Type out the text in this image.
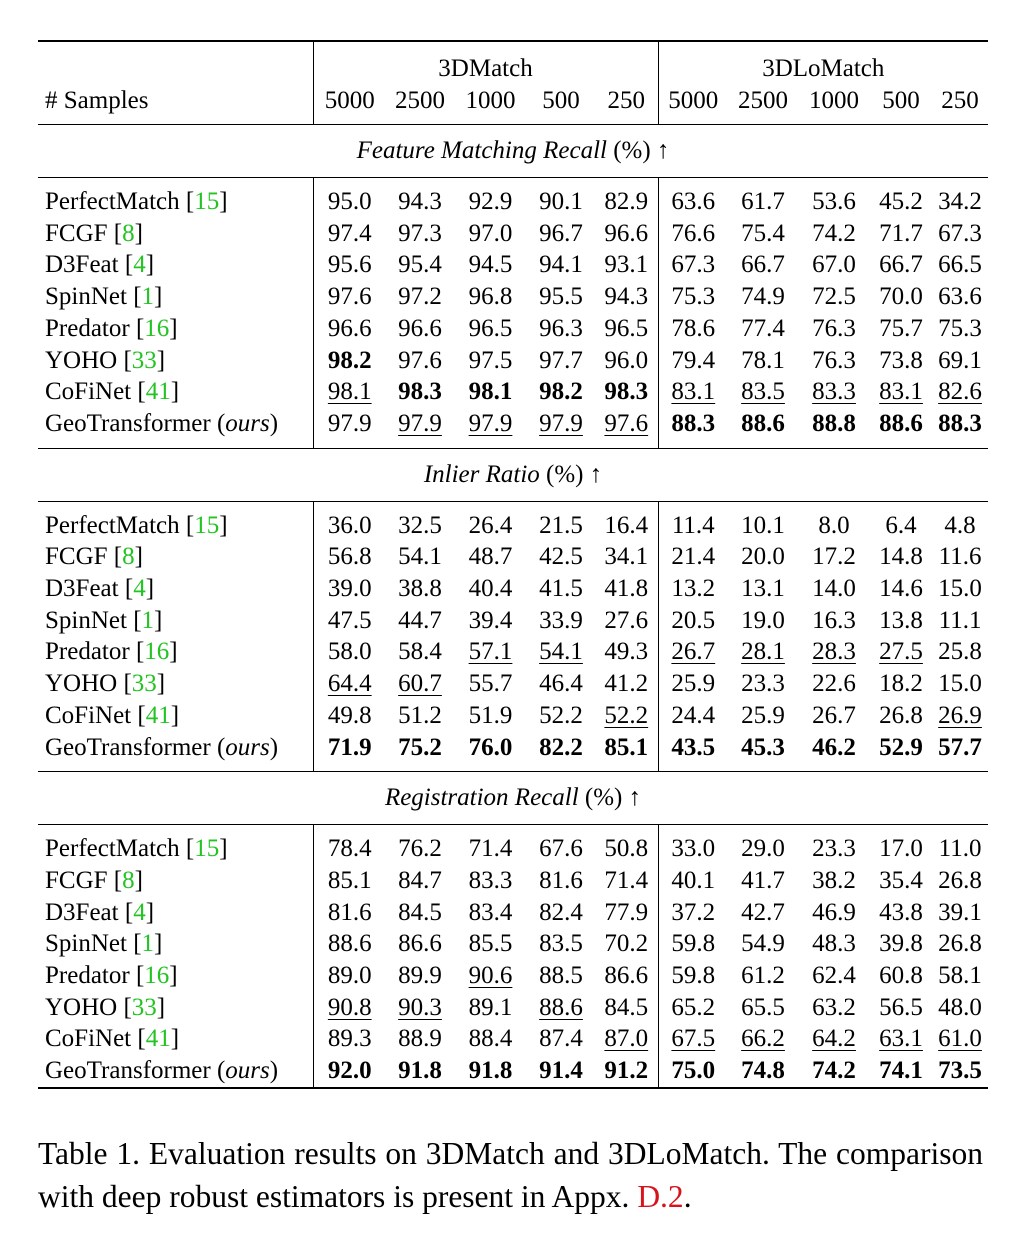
	3DMatch					3DLoMatch				
# Samples	5000	2500	1000	500	250	5000	2500	1000	500	250
Feature Matching Recall (%) ↑										

PerfectMatch [15]	95.0	94.3	92.9	90.1	82.9	63.6	61.7	53.6	45.2	34.2
FCGF [8]	97.4	97.3	97.0	96.7	96.6	76.6	75.4	74.2	71.7	67.3
D3Feat [4]	95.6	95.4	94.5	94.1	93.1	67.3	66.7	67.0	66.7	66.5
SpinNet [1]	97.6	97.2	96.8	95.5	94.3	75.3	74.9	72.5	70.0	63.6
Predator [16]	96.6	96.6	96.5	96.3	96.5	78.6	77.4	76.3	75.7	75.3
YOHO [33]	98.2	97.6	97.5	97.7	96.0	79.4	78.1	76.3	73.8	69.1
CoFiNet [41]	98.1	98.3	98.1	98.2	98.3	83.1	83.5	83.3	83.1	82.6
GeoTransformer (ours)	97.9	97.9	97.9	97.9	97.6	88.3	88.6	88.8	88.6	88.3

Inlier Ratio (%) ↑										

PerfectMatch [15]	36.0	32.5	26.4	21.5	16.4	11.4	10.1	8.0	6.4	4.8
FCGF [8]	56.8	54.1	48.7	42.5	34.1	21.4	20.0	17.2	14.8	11.6
D3Feat [4]	39.0	38.8	40.4	41.5	41.8	13.2	13.1	14.0	14.6	15.0
SpinNet [1]	47.5	44.7	39.4	33.9	27.6	20.5	19.0	16.3	13.8	11.1
Predator [16]	58.0	58.4	57.1	54.1	49.3	26.7	28.1	28.3	27.5	25.8
YOHO [33]	64.4	60.7	55.7	46.4	41.2	25.9	23.3	22.6	18.2	15.0
CoFiNet [41]	49.8	51.2	51.9	52.2	52.2	24.4	25.9	26.7	26.8	26.9
GeoTransformer (ours)	71.9	75.2	76.0	82.2	85.1	43.5	45.3	46.2	52.9	57.7

Registration Recall (%) ↑										

PerfectMatch [15]	78.4	76.2	71.4	67.6	50.8	33.0	29.0	23.3	17.0	11.0
FCGF [8]	85.1	84.7	83.3	81.6	71.4	40.1	41.7	38.2	35.4	26.8
D3Feat [4]	81.6	84.5	83.4	82.4	77.9	37.2	42.7	46.9	43.8	39.1
SpinNet [1]	88.6	86.6	85.5	83.5	70.2	59.8	54.9	48.3	39.8	26.8
Predator [16]	89.0	89.9	90.6	88.5	86.6	59.8	61.2	62.4	60.8	58.1
YOHO [33]	90.8	90.3	89.1	88.6	84.5	65.2	65.5	63.2	56.5	48.0
CoFiNet [41]	89.3	88.9	88.4	87.4	87.0	67.5	66.2	64.2	63.1	61.0
GeoTransformer (ours)	92.0	91.8	91.8	91.4	91.2	75.0	74.8	74.2	74.1	73.5
Table 1. Evaluation results on 3DMatch and 3DLoMatch. The comparison with deep robust estimators is present in Appx. D.2.
